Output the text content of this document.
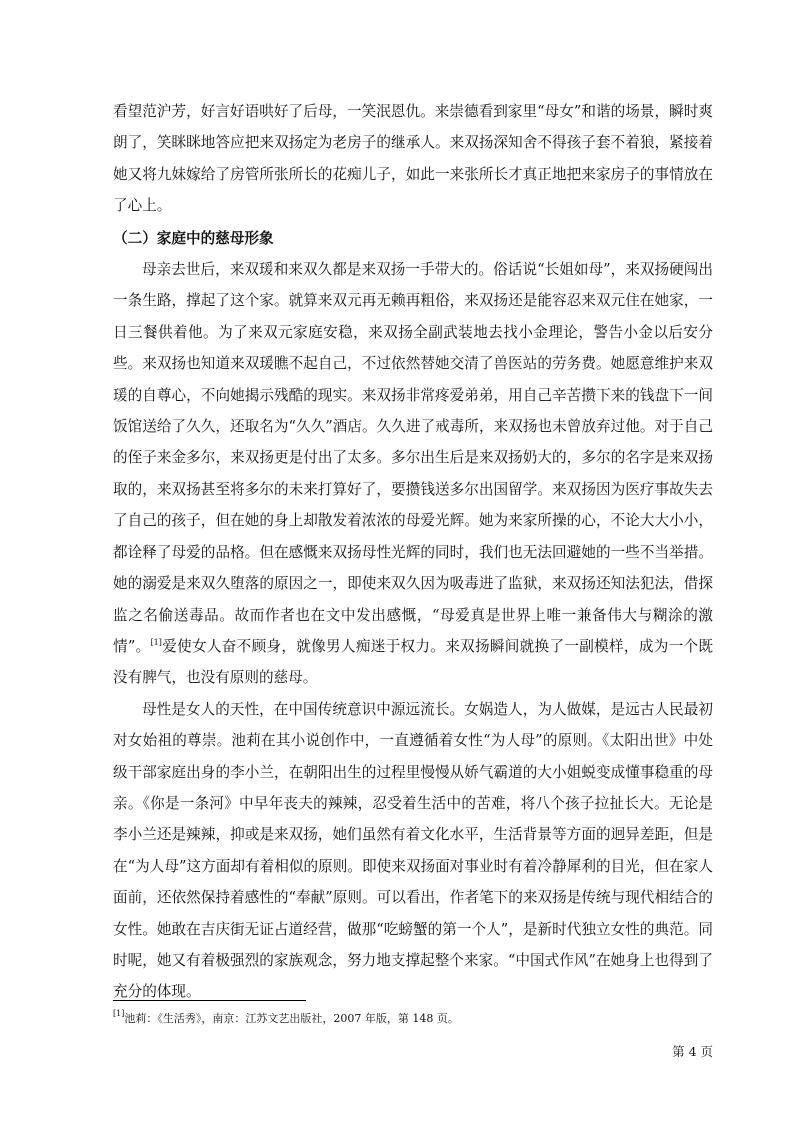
看望范沪芳，好言好语哄好了后母，一笑泯恩仇。来崇德看到家里“母女”和谐的场景，瞬时爽朗了，笑眯眯地答应把来双扬定为老房子的继承人。来双扬深知舍不得孩子套不着狼，紧接着她又将九妹嫁给了房管所张所长的花痴儿子，如此一来张所长才真正地把来家房子的事情放在了心上。

（二）家庭中的慈母形象

母亲去世后，来双瑗和来双久都是来双扬一手带大的。俗话说“长姐如母”，来双扬硬闯出一条生路，撑起了这个家。就算来双元再无赖再粗俗，来双扬还是能容忍来双元住在她家，一日三餐供着他。为了来双元家庭安稳，来双扬全副武装地去找小金理论，警告小金以后安分些。来双扬也知道来双瑗瞧不起自己，不过依然替她交清了兽医站的劳务费。她愿意维护来双瑗的自尊心，不向她揭示残酷的现实。来双扬非常疼爱弟弟，用自己辛苦攒下来的钱盘下一间饭馆送给了久久，还取名为“久久”酒店。久久进了戒毒所，来双扬也未曾放弃过他。对于自己的侄子来金多尔，来双扬更是付出了太多。多尔出生后是来双扬奶大的，多尔的名字是来双扬取的，来双扬甚至将多尔的未来打算好了，要攒钱送多尔出国留学。来双扬因为医疗事故失去了自己的孩子，但在她的身上却散发着浓浓的母爱光辉。她为来家所操的心，不论大大小小，都诠释了母爱的品格。但在感慨来双扬母性光辉的同时，我们也无法回避她的一些不当举措。她的溺爱是来双久堕落的原因之一，即使来双久因为吸毒进了监狱，来双扬还知法犯法，借探监之名偷送毒品。故而作者也在文中发出感慨，“母爱真是世界上唯一兼备伟大与糊涂的激情”。[1]爱使女人奋不顾身，就像男人痴迷于权力。来双扬瞬间就换了一副模样，成为一个既没有脾气，也没有原则的慈母。

母性是女人的天性，在中国传统意识中源远流长。女娲造人，为人做媒，是远古人民最初对女始祖的尊崇。池莉在其小说创作中，一直遵循着女性“为人母”的原则。《太阳出世》中处级干部家庭出身的李小兰，在朝阳出生的过程里慢慢从娇气霸道的大小姐蜕变成懂事稳重的母亲。《你是一条河》中早年丧夫的辣辣，忍受着生活中的苦难，将八个孩子拉扯长大。无论是李小兰还是辣辣，抑或是来双扬，她们虽然有着文化水平，生活背景等方面的迥异差距，但是在“为人母”这方面却有着相似的原则。即使来双扬面对事业时有着冷静犀利的目光，但在家人面前，还依然保持着感性的“奉献”原则。可以看出，作者笔下的来双扬是传统与现代相结合的女性。她敢在吉庆街无证占道经营，做那“吃螃蟹的第一个人”，是新时代独立女性的典范。同时呢，她又有着极强烈的家族观念，努力地支撑起整个来家。“中国式作风”在她身上也得到了充分的体现。

[1]池莉：《生活秀》，南京：江苏文艺出版社，2007 年版，第 148 页。
第 4 页
